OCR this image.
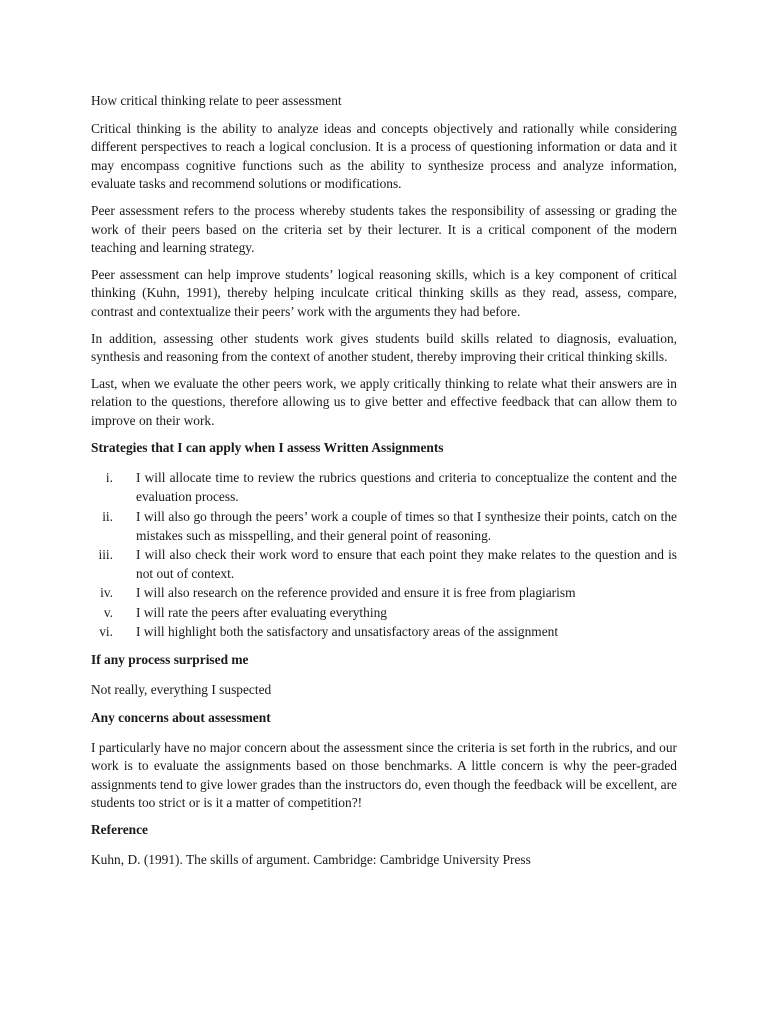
How critical thinking relate to peer assessment

Critical thinking is the ability to analyze ideas and concepts objectively and rationally while considering different perspectives to reach a logical conclusion. It is a process of questioning information or data and it may encompass cognitive functions such as the ability to synthesize process and analyze information, evaluate tasks and recommend solutions or modifications.

Peer assessment refers to the process whereby students takes the responsibility of assessing or grading the work of their peers based on the criteria set by their lecturer. It is a critical component of the modern teaching and learning strategy.

Peer assessment can help improve students’ logical reasoning skills, which is a key component of critical thinking (Kuhn, 1991), thereby helping inculcate critical thinking skills as they read, assess, compare, contrast and contextualize their peers’ work with the arguments they had before.

In addition, assessing other students work gives students build skills related to diagnosis, evaluation, synthesis and reasoning from the context of another student, thereby improving their critical thinking skills.

Last, when we evaluate the other peers work, we apply critically thinking to relate what their answers are in relation to the questions, therefore allowing us to give better and effective feedback that can allow them to improve on their work.

Strategies that I can apply when I assess Written Assignments

i. I will allocate time to review the rubrics questions and criteria to conceptualize the content and the evaluation process.
ii. I will also go through the peers’ work a couple of times so that I synthesize their points, catch on the mistakes such as misspelling, and their general point of reasoning.
iii. I will also check their work word to ensure that each point they make relates to the question and is not out of context.
iv. I will also research on the reference provided and ensure it is free from plagiarism
v. I will rate the peers after evaluating everything
vi. I will highlight both the satisfactory and unsatisfactory areas of the assignment

If any process surprised me

Not really, everything I suspected

Any concerns about assessment

I particularly have no major concern about the assessment since the criteria is set forth in the rubrics, and our work is to evaluate the assignments based on those benchmarks. A little concern is why the peer-graded assignments tend to give lower grades than the instructors do, even though the feedback will be excellent, are students too strict or is it a matter of competition?!

Reference

Kuhn, D. (1991). The skills of argument. Cambridge: Cambridge University Press
